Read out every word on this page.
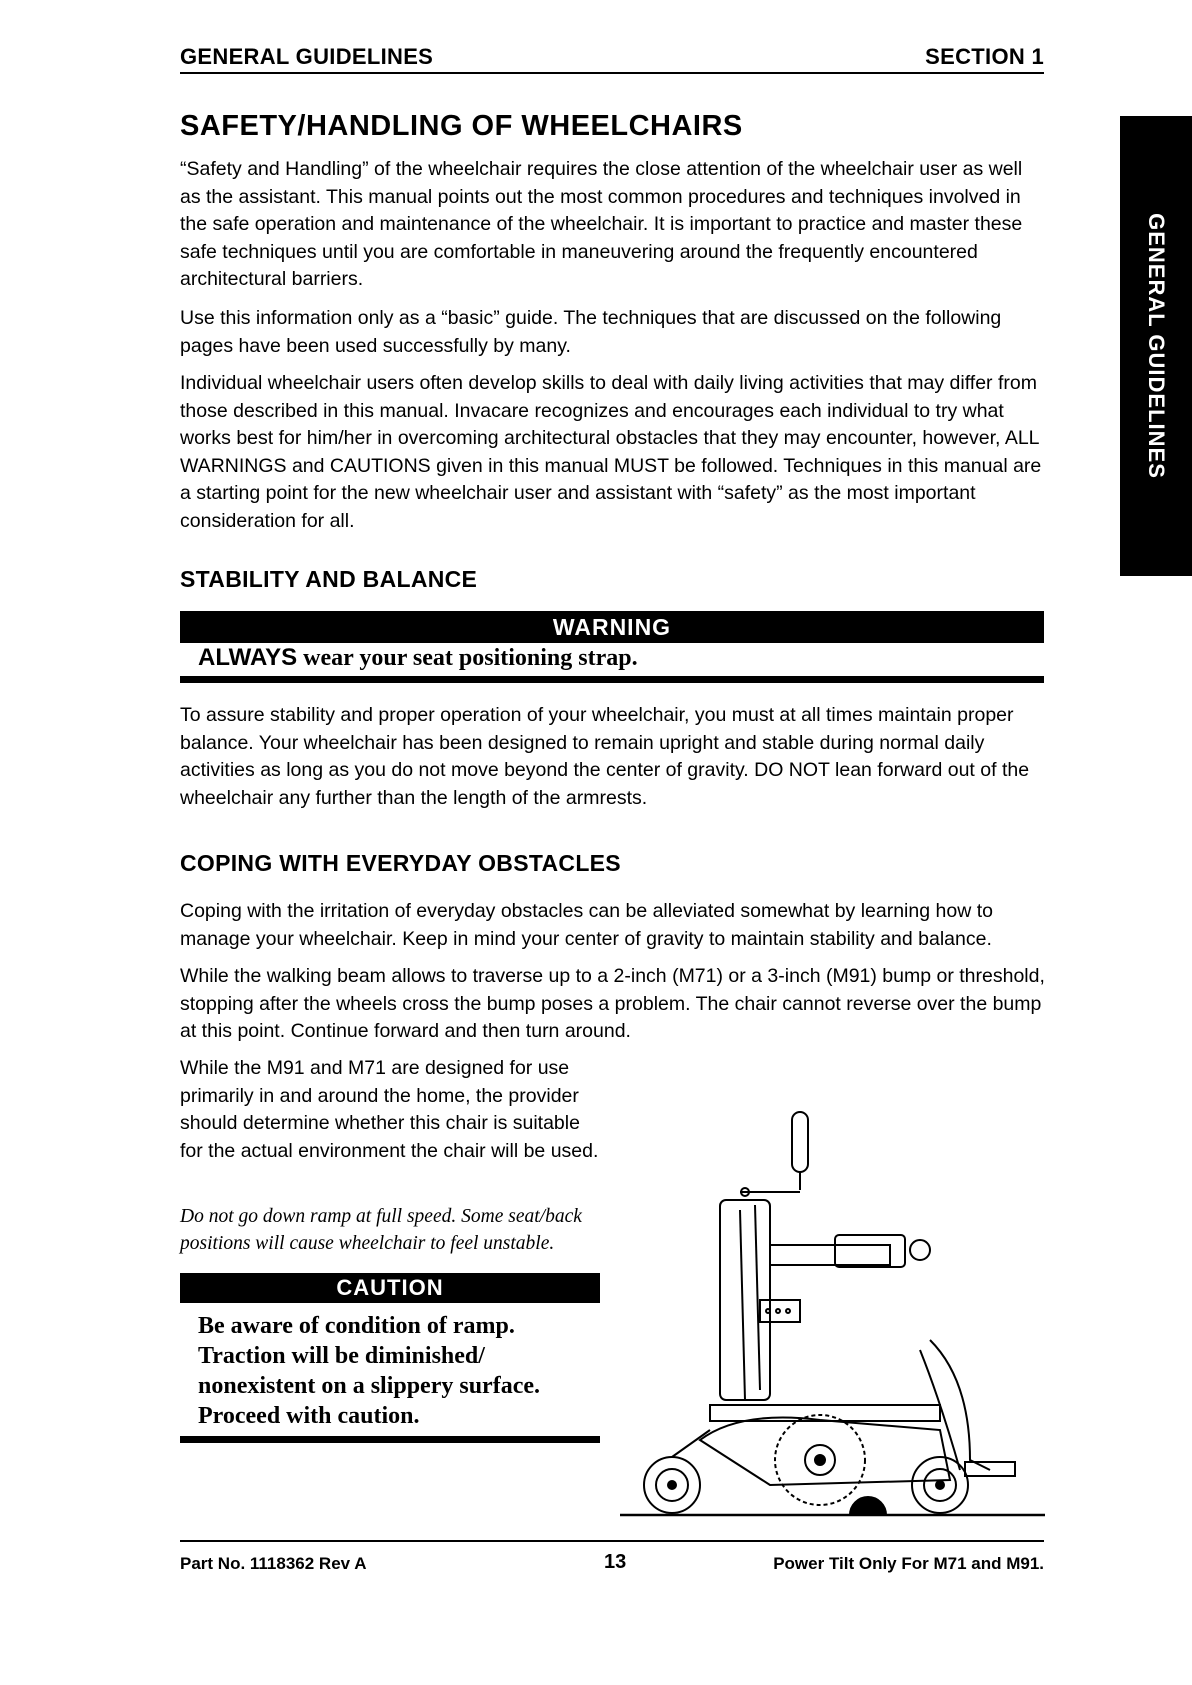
GENERAL GUIDELINES	SECTION 1
GENERAL GUIDELINES
SAFETY/HANDLING OF WHEELCHAIRS

“Safety and Handling” of the wheelchair requires the close attention of the wheelchair user as well as the assistant. This manual points out the most common procedures and techniques involved in the safe operation and maintenance of the wheelchair. It is important to practice and master these safe techniques until you are comfortable in maneuvering around the frequently encountered architectural barriers.

Use this information only as a “basic” guide. The techniques that are discussed on the following pages have been used successfully by many.

Individual wheelchair users often develop skills to deal with daily living activities that may differ from those described in this manual. Invacare recognizes and encourages each individual to try what works best for him/her in overcoming architectural obstacles that they may encounter, however, ALL WARNINGS and CAUTIONS given in this manual MUST be followed. Techniques in this manual are a starting point for the new wheelchair user and assistant with “safety” as the most important consideration for all.

STABILITY AND BALANCE
WARNING
ALWAYS wear your seat positioning strap.

To assure stability and proper operation of your wheelchair, you must at all times maintain proper balance. Your wheelchair has been designed to remain upright and stable during normal daily activities as long as you do not move beyond the center of gravity. DO NOT lean forward out of the wheelchair any further than the length of the armrests.

COPING WITH EVERYDAY OBSTACLES

Coping with the irritation of everyday obstacles can be alleviated somewhat by learning how to manage your wheelchair. Keep in mind your center of gravity to maintain stability and balance.

While the walking beam allows to traverse up to a 2-inch (M71) or a 3-inch (M91) bump or threshold, stopping after the wheels cross the bump poses a problem. The chair cannot reverse over the bump at this point. Continue forward and then turn around.

While the M91 and M71 are designed for use primarily in and around the home, the provider should determine whether this chair is suitable for the actual environment the chair will be used.

Do not go down ramp at full speed. Some seat/back positions will cause wheelchair to feel unstable.

CAUTION
Be aware of condition of ramp. Traction will be diminished/ nonexistent on a slippery surface. Proceed with caution.
Part No. 1118362 Rev A	13	Power Tilt Only For M71 and M91.
